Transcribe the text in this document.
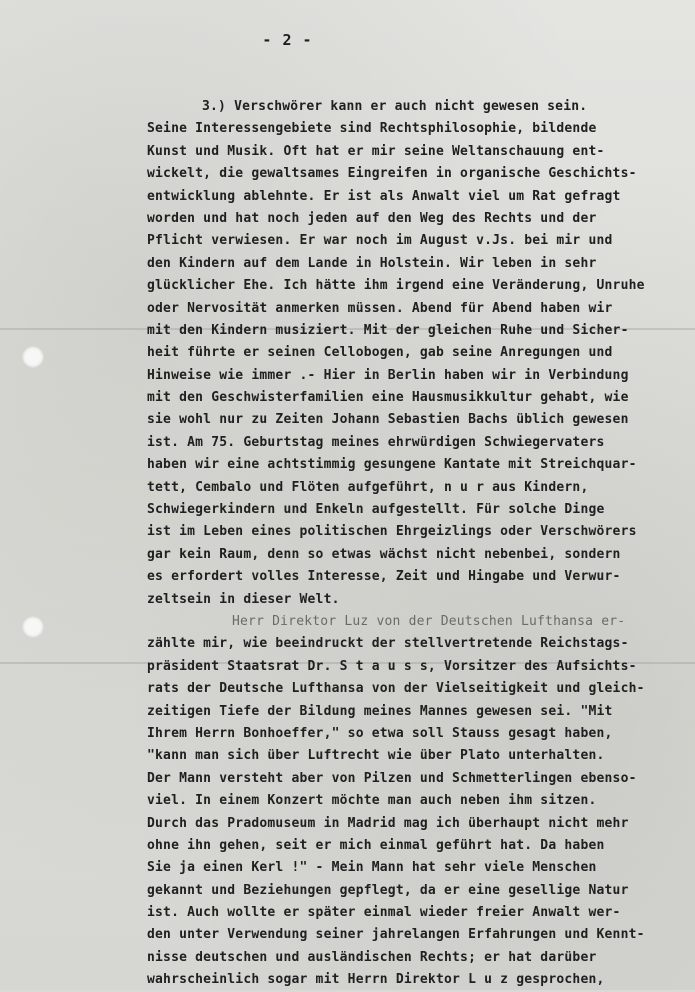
- 2 -
3.) Verschwörer kann er auch nicht gewesen sein.
Seine Interessengebiete sind Rechtsphilosophie, bildende
Kunst und Musik. Oft hat er mir seine Weltanschauung ent-
wickelt, die gewaltsames Eingreifen in organische Geschichts-
entwicklung ablehnte. Er ist als Anwalt viel um Rat gefragt
worden und hat noch jeden auf den Weg des Rechts und der
Pflicht verwiesen. Er war noch im August v.Js. bei mir und
den Kindern auf dem Lande in Holstein. Wir leben in sehr
glücklicher Ehe. Ich hätte ihm irgend eine Veränderung, Unruhe
oder Nervosität anmerken müssen. Abend für Abend haben wir
mit den Kindern musiziert. Mit der gleichen Ruhe und Sicher-
heit führte er seinen Cellobogen, gab seine Anregungen und
Hinweise wie immer .- Hier in Berlin haben wir in Verbindung
mit den Geschwisterfamilien eine Hausmusikkultur gehabt, wie
sie wohl nur zu Zeiten Johann Sebastien Bachs üblich gewesen
ist. Am 75. Geburtstag meines ehrwürdigen Schwiegervaters
haben wir eine achtstimmig gesungene Kantate mit Streichquar-
tett, Cembalo und Flöten aufgeführt, n u r aus Kindern,
Schwiegerkindern und Enkeln aufgestellt. Für solche Dinge
ist im Leben eines politischen Ehrgeizlings oder Verschwörers
gar kein Raum, denn so etwas wächst nicht nebenbei, sondern
es erfordert volles Interesse, Zeit und Hingabe und Verwur-
zeltsein in dieser Welt.
Herr Direktor Luz von der Deutschen Lufthansa er-
zählte mir, wie beeindruckt der stellvertretende Reichstags-
präsident Staatsrat Dr. S t a u s s, Vorsitzer des Aufsichts-
rats der Deutsche Lufthansa von der Vielseitigkeit und gleich-
zeitigen Tiefe der Bildung meines Mannes gewesen sei. "Mit
Ihrem Herrn Bonhoeffer," so etwa soll Stauss gesagt haben,
"kann man sich über Luftrecht wie über Plato unterhalten.
Der Mann versteht aber von Pilzen und Schmetterlingen ebenso-
viel. In einem Konzert möchte man auch neben ihm sitzen.
Durch das Pradomuseum in Madrid mag ich überhaupt nicht mehr
ohne ihn gehen, seit er mich einmal geführt hat. Da haben
Sie ja einen Kerl !" - Mein Mann hat sehr viele Menschen
gekannt und Beziehungen gepflegt, da er eine gesellige Natur
ist. Auch wollte er später einmal wieder freier Anwalt wer-
den unter Verwendung seiner jahrelangen Erfahrungen und Kennt-
nisse deutschen und ausländischen Rechts; er hat darüber
wahrscheinlich sogar mit Herrn Direktor L u z gesprochen,
